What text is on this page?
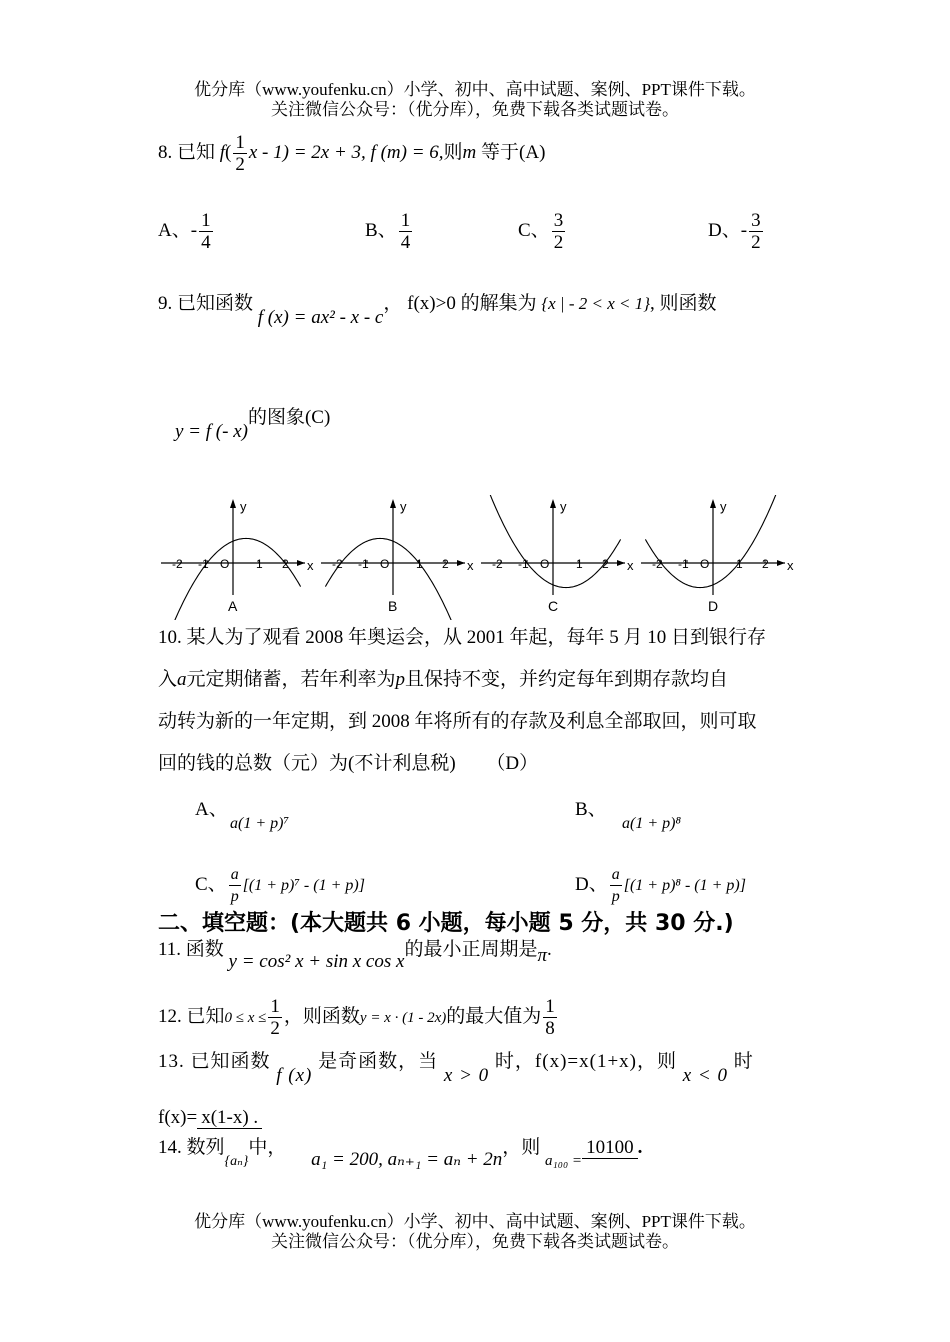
优分库（www.youfenku.cn）小学、初中、高中试题、案例、PPT课件下载。
关注微信公众号：（优分库），免费下载各类试题试卷。
8. 已知 $f( \frac{1}{2}$ x - 1) = 2x + 3, f (m) = 6,则m 等于(A)
A、- $\frac{1}{4}$	B、 $\frac{1}{4}$	C、 $\frac{3}{2}$	D、- $\frac{3}{2}$
9. 已知函数 f (x) = ax² - x - c， f(x)>0 的解集为 {x | - 2 < x < 1}, 则函数
y = f (- x)的图象(C)
y
x
-2 -1 O 1 2
A
y
x
-2 -1 O 1 2
B
y
x
-2 -1 O 1 2
C
y
x
-2 -1 O 1 2
D
10. 某人为了观看 2008 年奥运会，从 2001 年起，每年 5 月 10 日到银行存
入a元定期储蓄，若年利率为p且保持不变，并约定每年到期存款均自
动转为新的一年定期，到 2008 年将所有的存款及利息全部取回，则可取
回的钱的总数（元）为(不计利息税) （D）
A、
a(1 + p)⁷
B、
a(1 + p)⁸
C、 $\frac{a}{p} [(1 + p)^7 - (1 + p)]$	D、 $\frac{a}{p} [(1 + p)^8 - (1 + p)]$
二、填空题：(本大题共 6 小题，每小题 5 分，共 30 分.)
11. 函数 y = cos² x + sin x cos x的最小正周期是π.
12. 已知$0 \le x \le \frac{1}{2}$ ，则函数y = x · (1 - 2x)的最大值为 $\frac{1}{8}$
13. 已知函数 f (x) 是奇函数，当 x > 0 时，f(x)=x(1+x)，则 x < 0 时
f(x)= x(1-x) .
14. 数列$_{\{a_n\}}$中， a₁ = 200, aₙ₊₁ = aₙ + 2n，则 $_{a_{100} =}$10100 .
优分库（www.youfenku.cn）小学、初中、高中试题、案例、PPT课件下载。
关注微信公众号：（优分库），免费下载各类试题试卷。
